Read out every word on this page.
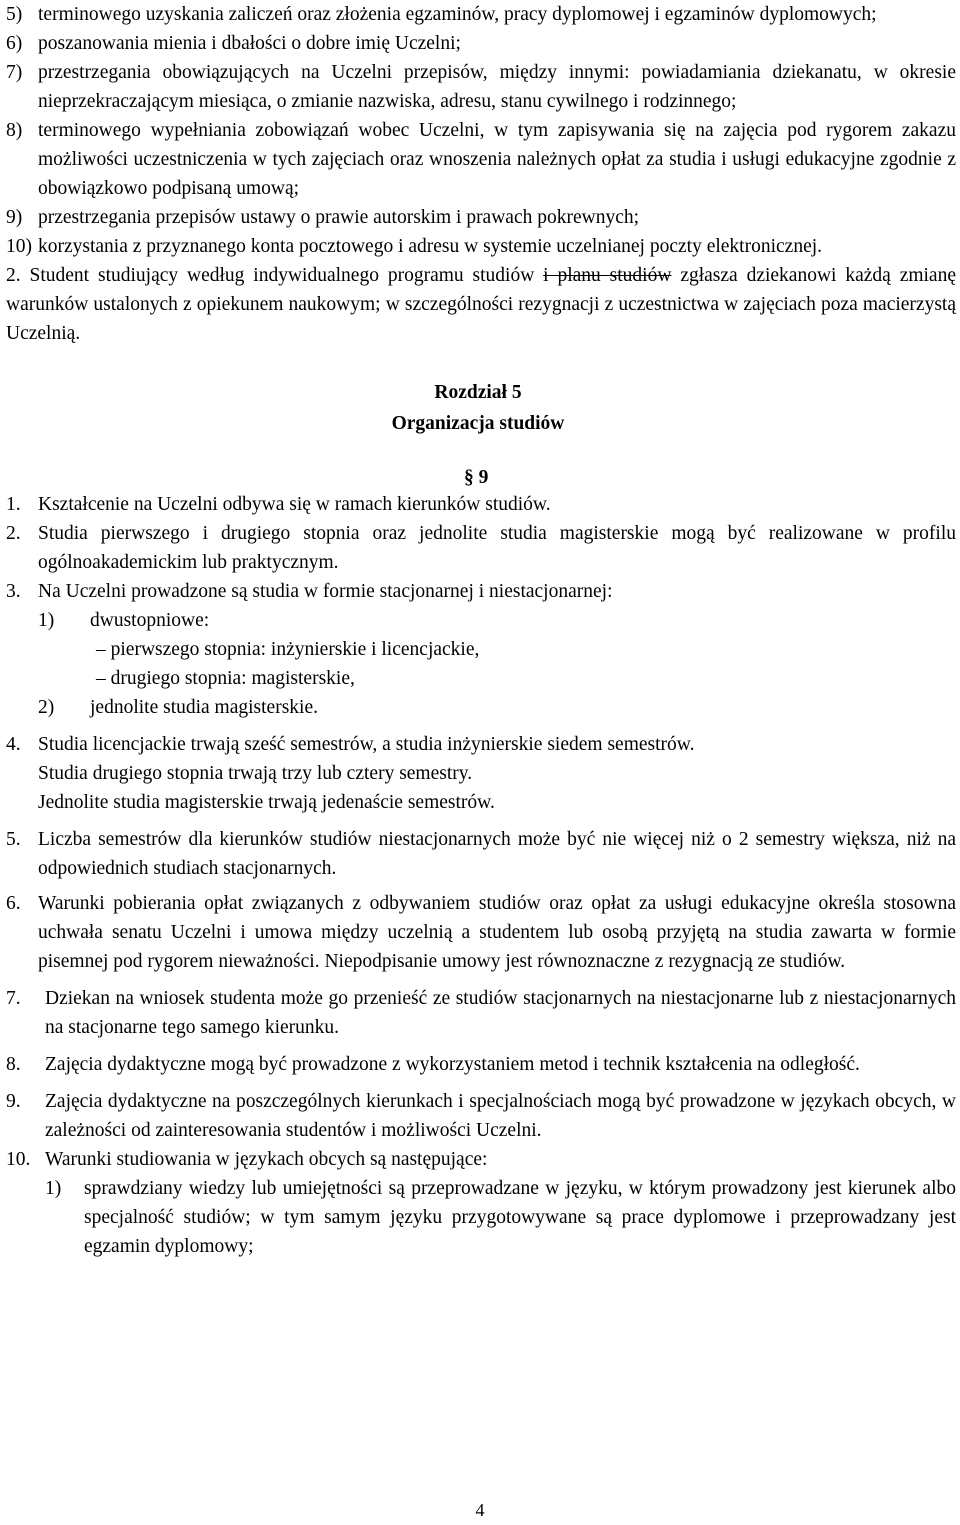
5) terminowego uzyskania zaliczeń oraz złożenia egzaminów, pracy dyplomowej i egzaminów dyplomowych;
6) poszanowania mienia i dbałości o dobre imię Uczelni;
7) przestrzegania obowiązujących na Uczelni przepisów, między innymi: powiadamiania dziekanatu, w okresie nieprzekraczającym miesiąca, o zmianie nazwiska, adresu, stanu cywilnego i rodzinnego;
8) terminowego wypełniania zobowiązań wobec Uczelni, w tym zapisywania się na zajęcia pod rygorem zakazu możliwości uczestniczenia w tych zajęciach oraz wnoszenia należnych opłat za studia i usługi edukacyjne zgodnie z obowiązkowo podpisaną umową;
9) przestrzegania przepisów ustawy o prawie autorskim i prawach pokrewnych;
10) korzystania z przyznanego konta pocztowego i adresu w systemie uczelnianej poczty elektronicznej.
2. Student studiujący według indywidualnego programu studiów i planu studiów zgłasza dziekanowi każdą zmianę warunków ustalonych z opiekunem naukowym; w szczególności rezygnacji z uczestnictwa w zajęciach poza macierzystą Uczelnią.
Rozdział 5
Organizacja studiów
§ 9
1. Kształcenie na Uczelni odbywa się w ramach kierunków studiów.
2. Studia pierwszego i drugiego stopnia oraz jednolite studia magisterskie mogą być realizowane w profilu ogólnoakademickim lub praktycznym.
3. Na Uczelni prowadzone są studia w formie stacjonarnej i niestacjonarnej:
1)	dwustopniowe:
– pierwszego stopnia: inżynierskie i licencjackie,
– drugiego stopnia: magisterskie,
2)	jednolite studia magisterskie.
4. Studia licencjackie trwają sześć semestrów, a studia inżynierskie siedem semestrów.
Studia drugiego stopnia trwają trzy lub cztery semestry.
Jednolite studia magisterskie trwają jedenaście semestrów.
5. Liczba semestrów dla kierunków studiów niestacjonarnych może być nie więcej niż o 2 semestry większa, niż na odpowiednich studiach stacjonarnych.
6. Warunki pobierania opłat związanych z odbywaniem studiów oraz opłat za usługi edukacyjne określa stosowna uchwała senatu Uczelni i umowa między uczelnią a studentem lub osobą przyjętą na studia zawarta w formie pisemnej pod rygorem nieważności. Niepodpisanie umowy jest równoznaczne z rezygnacją ze studiów.
7.	Dziekan na wniosek studenta może go przenieść ze studiów stacjonarnych na niestacjonarne lub z niestacjonarnych na stacjonarne tego samego kierunku.
8.	Zajęcia dydaktyczne mogą być prowadzone z wykorzystaniem metod i technik kształcenia na odległość.
9.	Zajęcia dydaktyczne na poszczególnych kierunkach i specjalnościach mogą być prowadzone w językach obcych, w zależności od zainteresowania studentów i możliwości Uczelni.
10. Warunki studiowania w językach obcych są następujące:
1)	sprawdziany wiedzy lub umiejętności są przeprowadzane w języku, w którym prowadzony jest kierunek albo specjalność studiów; w tym samym języku przygotowywane są prace dyplomowe i przeprowadzany jest egzamin dyplomowy;
4
